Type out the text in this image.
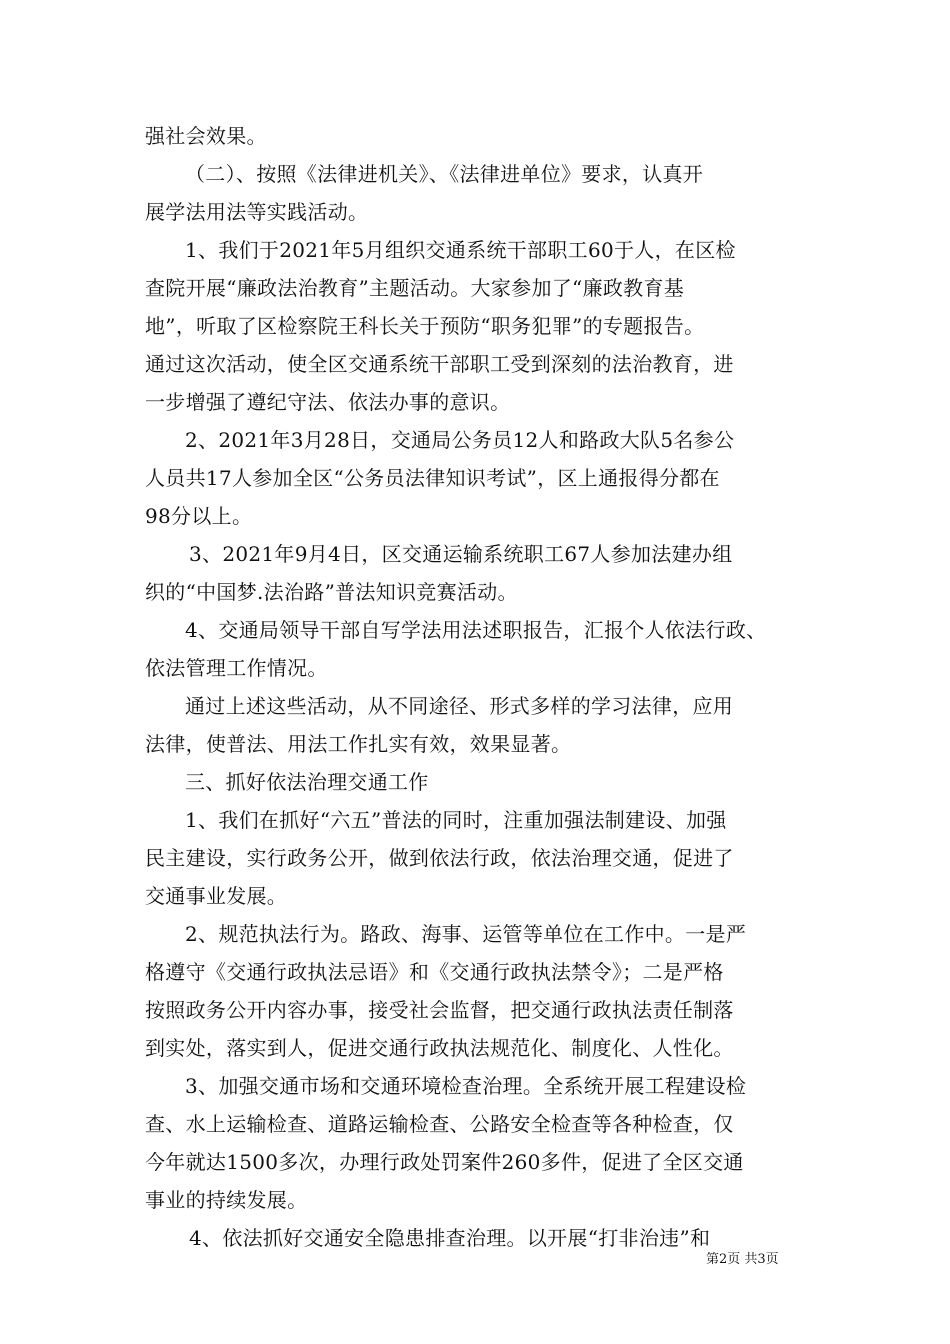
强社会效果。
（二）、按照《法律进机关》、《法律进单位》要求，认真开
展学法用法等实践活动。
1、我们于2021年5月组织交通系统干部职工60于人，在区检
查院开展“廉政法治教育”主题活动。大家参加了“廉政教育基
地”，听取了区检察院王科长关于预防“职务犯罪”的专题报告。
通过这次活动，使全区交通系统干部职工受到深刻的法治教育，进
一步增强了遵纪守法、依法办事的意识。
2、2021年3月28日，交通局公务员12人和路政大队5名参公
人员共17人参加全区“公务员法律知识考试”，区上通报得分都在
98分以上。
3、2021年9月4日，区交通运输系统职工67人参加法建办组
织的“中国梦.法治路”普法知识竞赛活动。
4、交通局领导干部自写学法用法述职报告，汇报个人依法行政、
依法管理工作情况。
通过上述这些活动，从不同途径、形式多样的学习法律，应用
法律，使普法、用法工作扎实有效，效果显著。
三、抓好依法治理交通工作
1、我们在抓好“六五”普法的同时，注重加强法制建设、加强
民主建设，实行政务公开，做到依法行政，依法治理交通，促进了
交通事业发展。
2、规范执法行为。路政、海事、运管等单位在工作中。一是严
格遵守《交通行政执法忌语》和《交通行政执法禁令》；二是严格
按照政务公开内容办事，接受社会监督，把交通行政执法责任制落
到实处，落实到人，促进交通行政执法规范化、制度化、人性化。
3、加强交通市场和交通环境检查治理。全系统开展工程建设检
查、水上运输检查、道路运输检查、公路安全检查等各种检查，仅
今年就达1500多次，办理行政处罚案件260多件，促进了全区交通
事业的持续发展。
4、依法抓好交通安全隐患排查治理。以开展“打非治违”和
第2页 共3页
